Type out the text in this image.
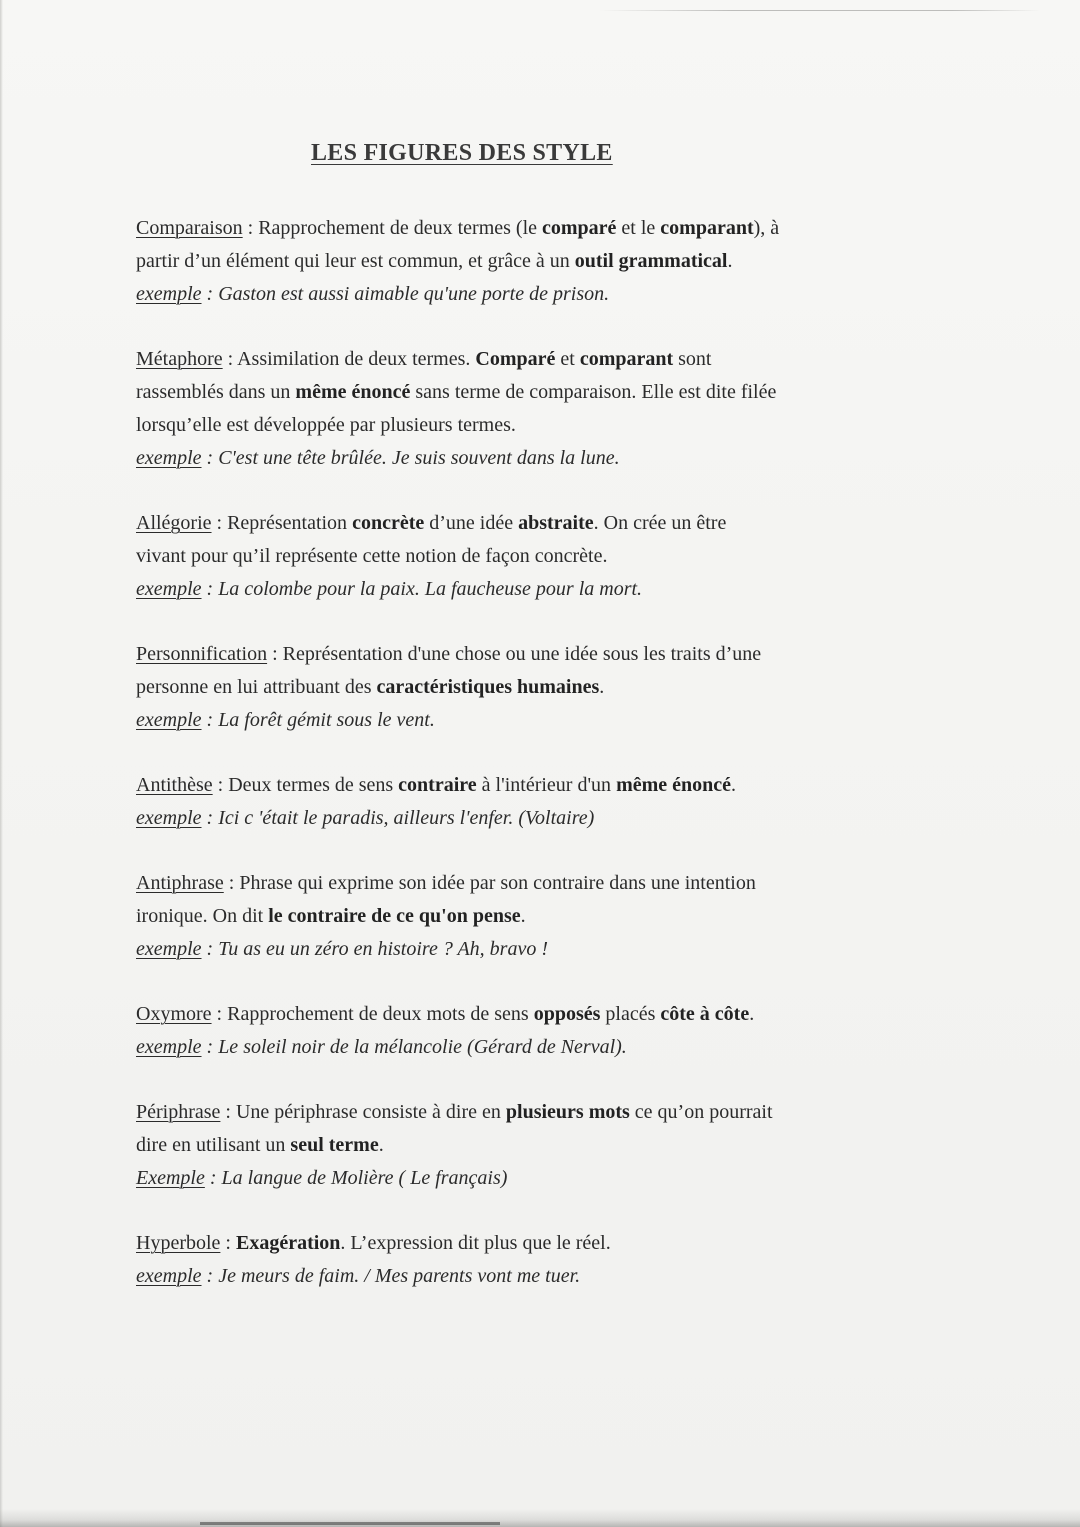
LES FIGURES DES STYLE
Comparaison : Rapprochement de deux termes (le comparé et le comparant), à
partir d’un élément qui leur est commun, et grâce à un outil grammatical.
exemple : Gaston est aussi aimable qu'une porte de prison.
Métaphore : Assimilation de deux termes. Comparé et comparant sont
rassemblés dans un même énoncé sans terme de comparaison. Elle est dite filée
lorsqu’elle est développée par plusieurs termes.
exemple : C'est une tête brûlée. Je suis souvent dans la lune.
Allégorie : Représentation concrète d’une idée abstraite. On crée un être
vivant pour qu’il représente cette notion de façon concrète.
exemple : La colombe pour la paix. La faucheuse pour la mort.
Personnification : Représentation d'une chose ou une idée sous les traits d’une
personne en lui attribuant des caractéristiques humaines.
exemple : La forêt gémit sous le vent.
Antithèse : Deux termes de sens contraire à l'intérieur d'un même énoncé.
exemple : Ici c 'était le paradis, ailleurs l'enfer. (Voltaire)
Antiphrase : Phrase qui exprime son idée par son contraire dans une intention
ironique. On dit le contraire de ce qu'on pense.
exemple : Tu as eu un zéro en histoire ? Ah, bravo !
Oxymore : Rapprochement de deux mots de sens opposés placés côte à côte.
exemple : Le soleil noir de la mélancolie (Gérard de Nerval).
Périphrase : Une périphrase consiste à dire en plusieurs mots ce qu’on pourrait
dire en utilisant un seul terme.
Exemple : La langue de Molière ( Le français)
Hyperbole : Exagération. L’expression dit plus que le réel.
exemple : Je meurs de faim. / Mes parents vont me tuer.
